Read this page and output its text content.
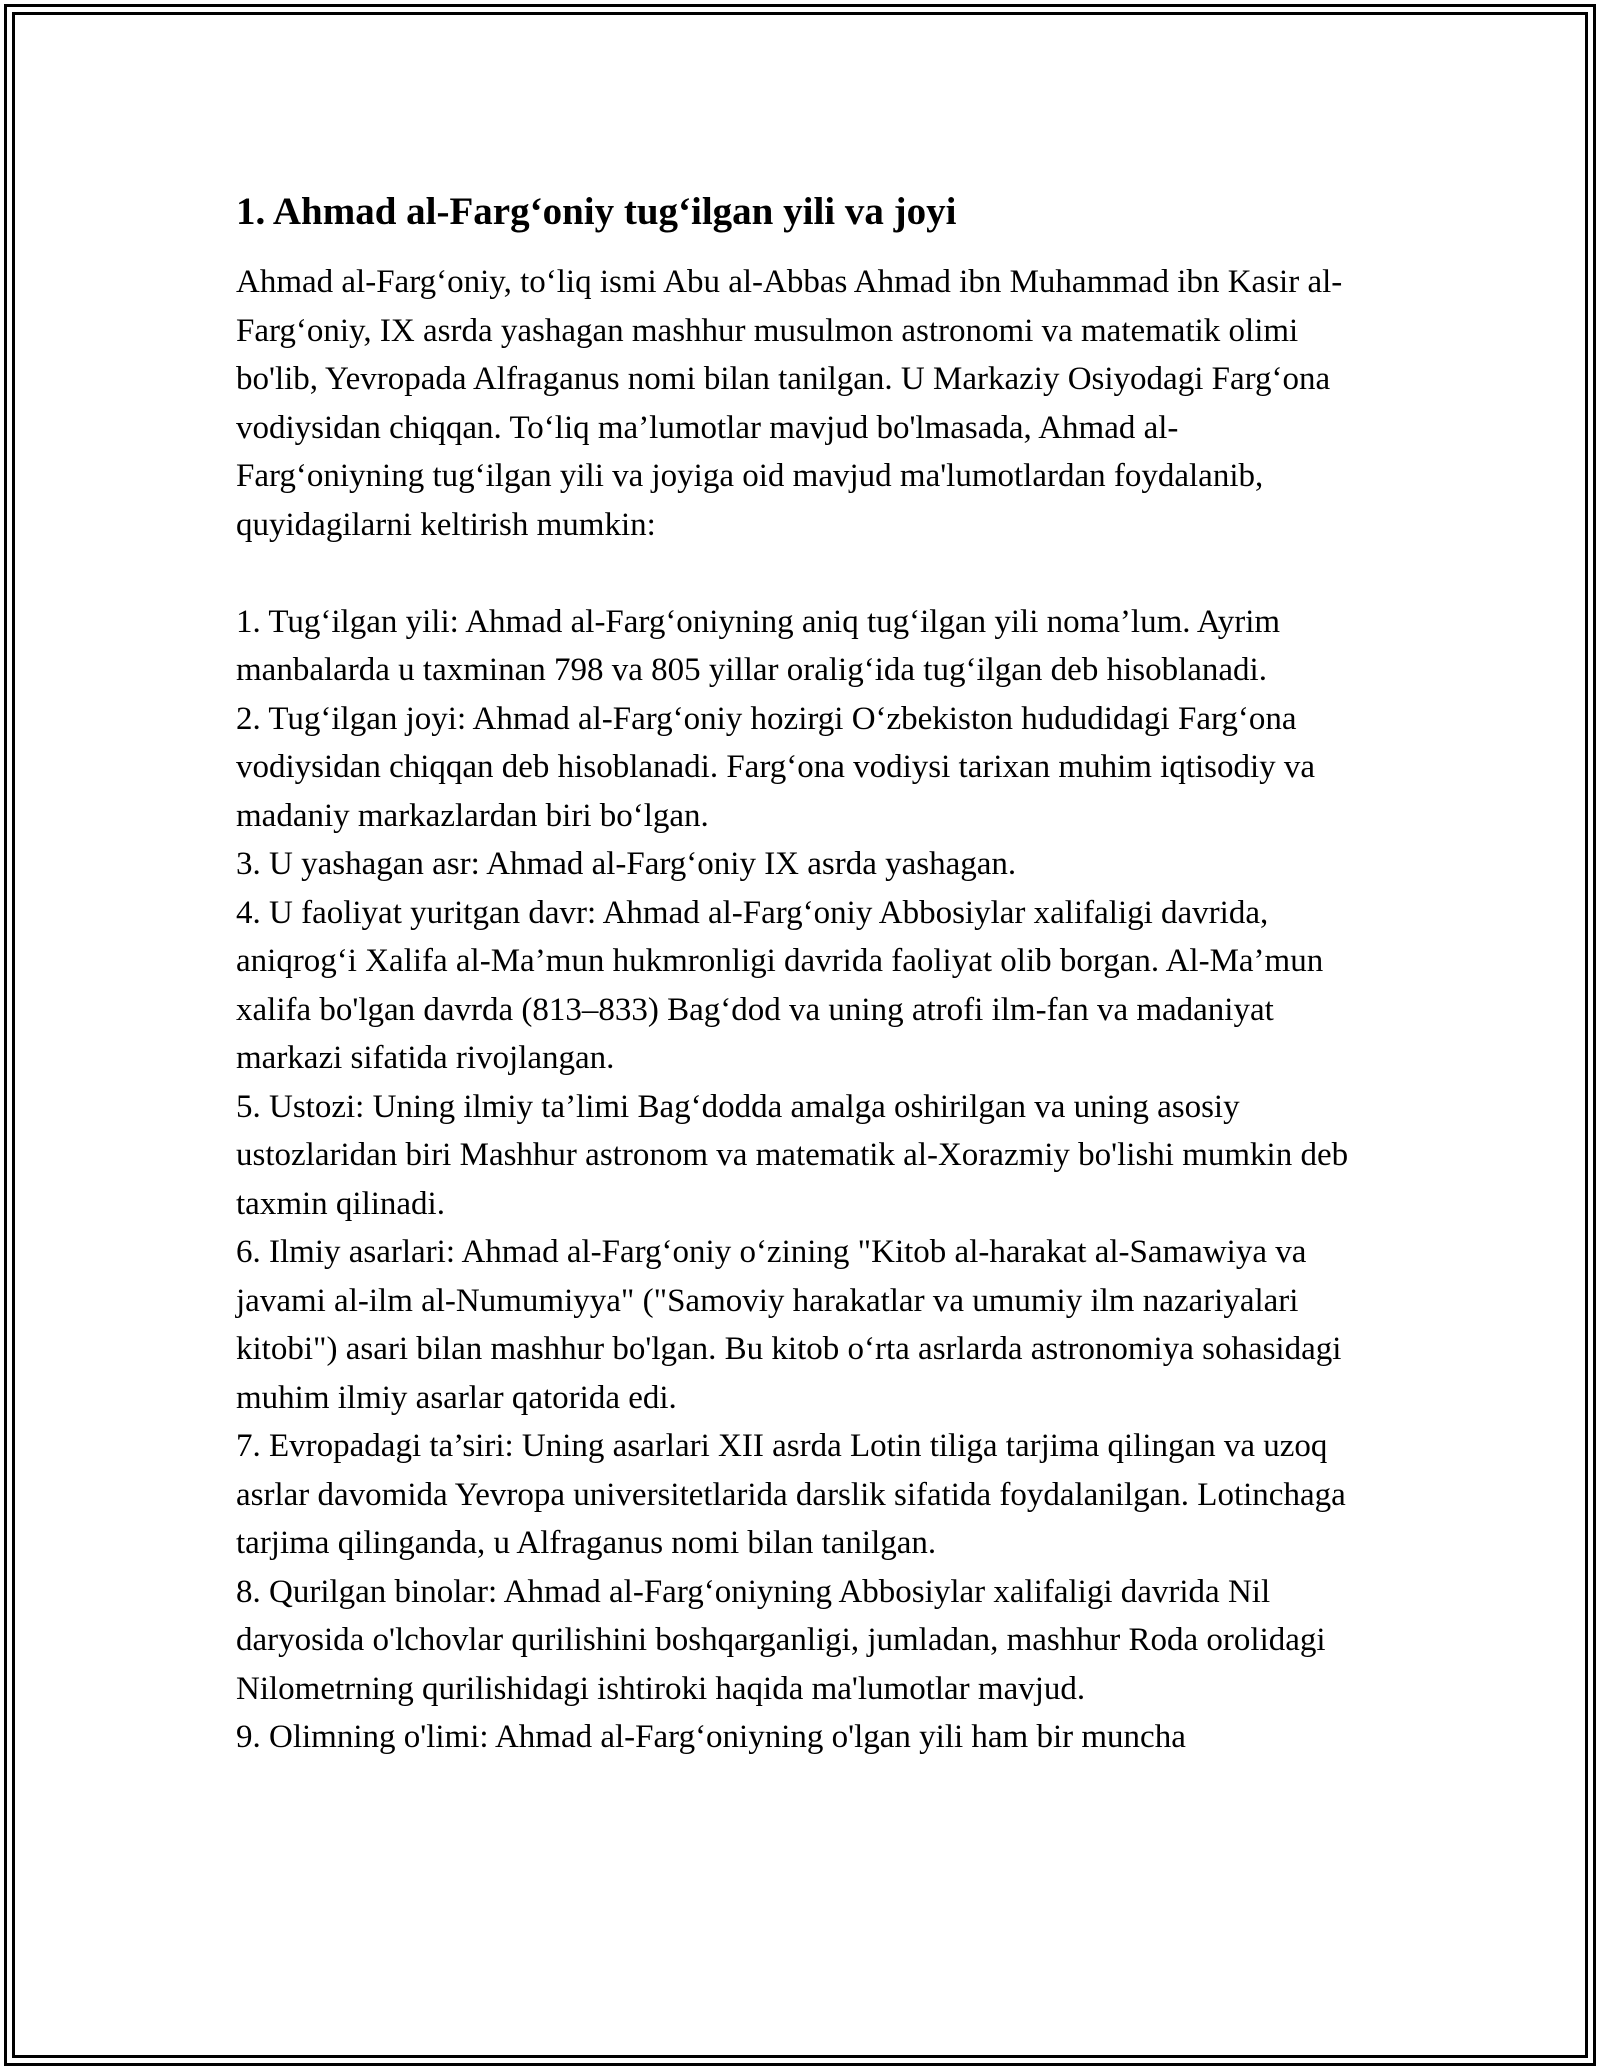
1. Ahmad al-Farg‘oniy tug‘ilgan yili va joyi

Ahmad al-Farg‘oniy, to‘liq ismi Abu al-Abbas Ahmad ibn Muhammad ibn Kasir al-Farg‘oniy, IX asrda yashagan mashhur musulmon astronomi va matematik olimi bo'lib, Yevropada Alfraganus nomi bilan tanilgan. U Markaziy Osiyodagi Farg‘ona vodiysidan chiqqan. To‘liq ma’lumotlar mavjud bo'lmasada, Ahmad al-Farg‘oniyning tug‘ilgan yili va joyiga oid mavjud ma'lumotlardan foydalanib, quyidagilarni keltirish mumkin:

1. Tug‘ilgan yili: Ahmad al-Farg‘oniyning aniq tug‘ilgan yili noma’lum. Ayrim manbalarda u taxminan 798 va 805 yillar oralig‘ida tug‘ilgan deb hisoblanadi.
2. Tug‘ilgan joyi: Ahmad al-Farg‘oniy hozirgi O‘zbekiston hududidagi Farg‘ona vodiysidan chiqqan deb hisoblanadi. Farg‘ona vodiysi tarixan muhim iqtisodiy va madaniy markazlardan biri bo‘lgan.
3. U yashagan asr: Ahmad al-Farg‘oniy IX asrda yashagan.
4. U faoliyat yuritgan davr: Ahmad al-Farg‘oniy Abbosiylar xalifaligi davrida, aniqrog‘i Xalifa al-Ma’mun hukmronligi davrida faoliyat olib borgan. Al-Ma’mun xalifa bo'lgan davrda (813–833) Bag‘dod va uning atrofi ilm-fan va madaniyat markazi sifatida rivojlangan.
5. Ustozi: Uning ilmiy ta’limi Bag‘dodda amalga oshirilgan va uning asosiy ustozlaridan biri Mashhur astronom va matematik al-Xorazmiy bo'lishi mumkin deb taxmin qilinadi.
6. Ilmiy asarlari: Ahmad al-Farg‘oniy o‘zining "Kitob al-harakat al-Samawiya va javami al-ilm al-Numumiyya" ("Samoviy harakatlar va umumiy ilm nazariyalari kitobi") asari bilan mashhur bo'lgan. Bu kitob o‘rta asrlarda astronomiya sohasidagi muhim ilmiy asarlar qatorida edi.
7. Evropadagi ta’siri: Uning asarlari XII asrda Lotin tiliga tarjima qilingan va uzoq asrlar davomida Yevropa universitetlarida darslik sifatida foydalanilgan. Lotinchaga tarjima qilinganda, u Alfraganus nomi bilan tanilgan.
8. Qurilgan binolar: Ahmad al-Farg‘oniyning Abbosiylar xalifaligi davrida Nil daryosida o'lchovlar qurilishini boshqarganligi, jumladan, mashhur Roda orolidagi Nilometrning qurilishidagi ishtiroki haqida ma'lumotlar mavjud.
9. Olimning o'limi: Ahmad al-Farg‘oniyning o'lgan yili ham bir muncha
